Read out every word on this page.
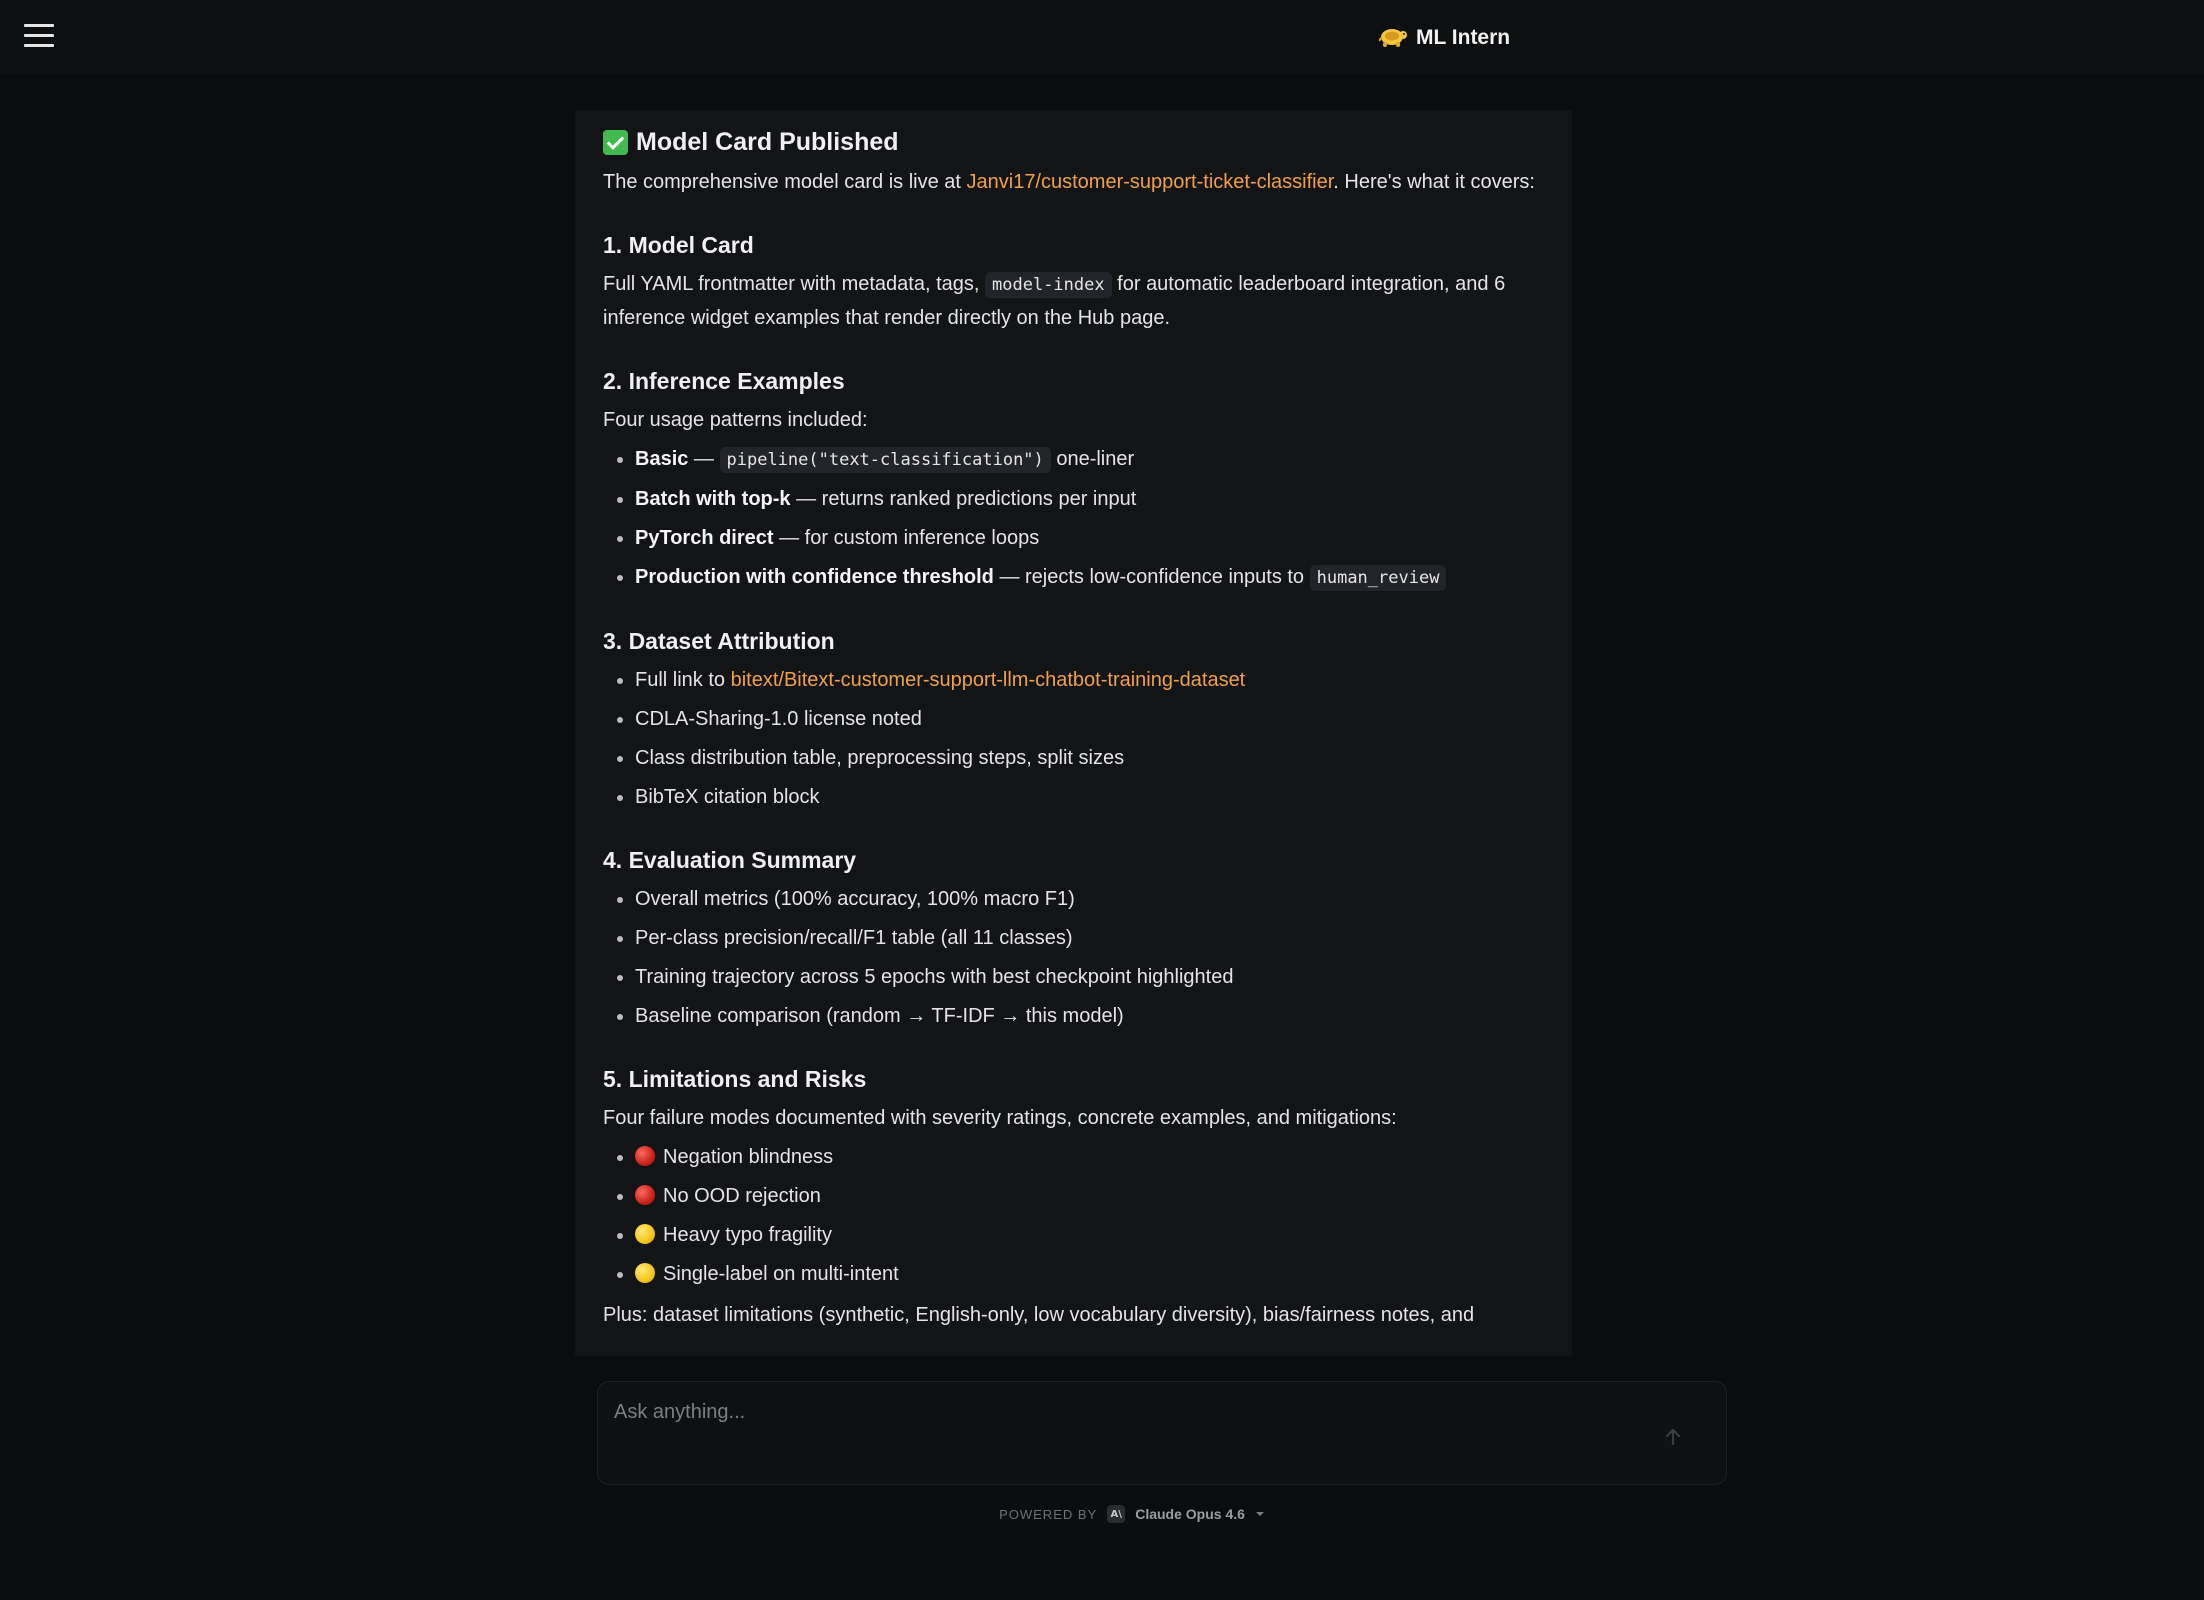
ML Intern
Model Card Published

The comprehensive model card is live at Janvi17/customer-support-ticket-classifier. Here's what it covers:

1. Model Card

Full YAML frontmatter with metadata, tags, model-index for automatic leaderboard integration, and 6 inference widget examples that render directly on the Hub page.

2. Inference Examples

Four usage patterns included:

• Basic — pipeline("text-classification") one-liner
• Batch with top-k — returns ranked predictions per input
• PyTorch direct — for custom inference loops
• Production with confidence threshold — rejects low-confidence inputs to human_review
3. Dataset Attribution
• Full link to bitext/Bitext-customer-support-llm-chatbot-training-dataset
• CDLA-Sharing-1.0 license noted
• Class distribution table, preprocessing steps, split sizes
• BibTeX citation block
4. Evaluation Summary
• Overall metrics (100% accuracy, 100% macro F1)
• Per-class precision/recall/F1 table (all 11 classes)
• Training trajectory across 5 epochs with best checkpoint highlighted
• Baseline comparison (random → TF-IDF → this model)
5. Limitations and Risks

Four failure modes documented with severity ratings, concrete examples, and mitigations:

• Negation blindness
• No OOD rejection
• Heavy typo fragility
• Single-label on multi-intent

Plus: dataset limitations (synthetic, English-only, low vocabulary diversity), bias/fairness notes, and

Ask anything...
POWERED BY	A\ Claude Opus 4.6
